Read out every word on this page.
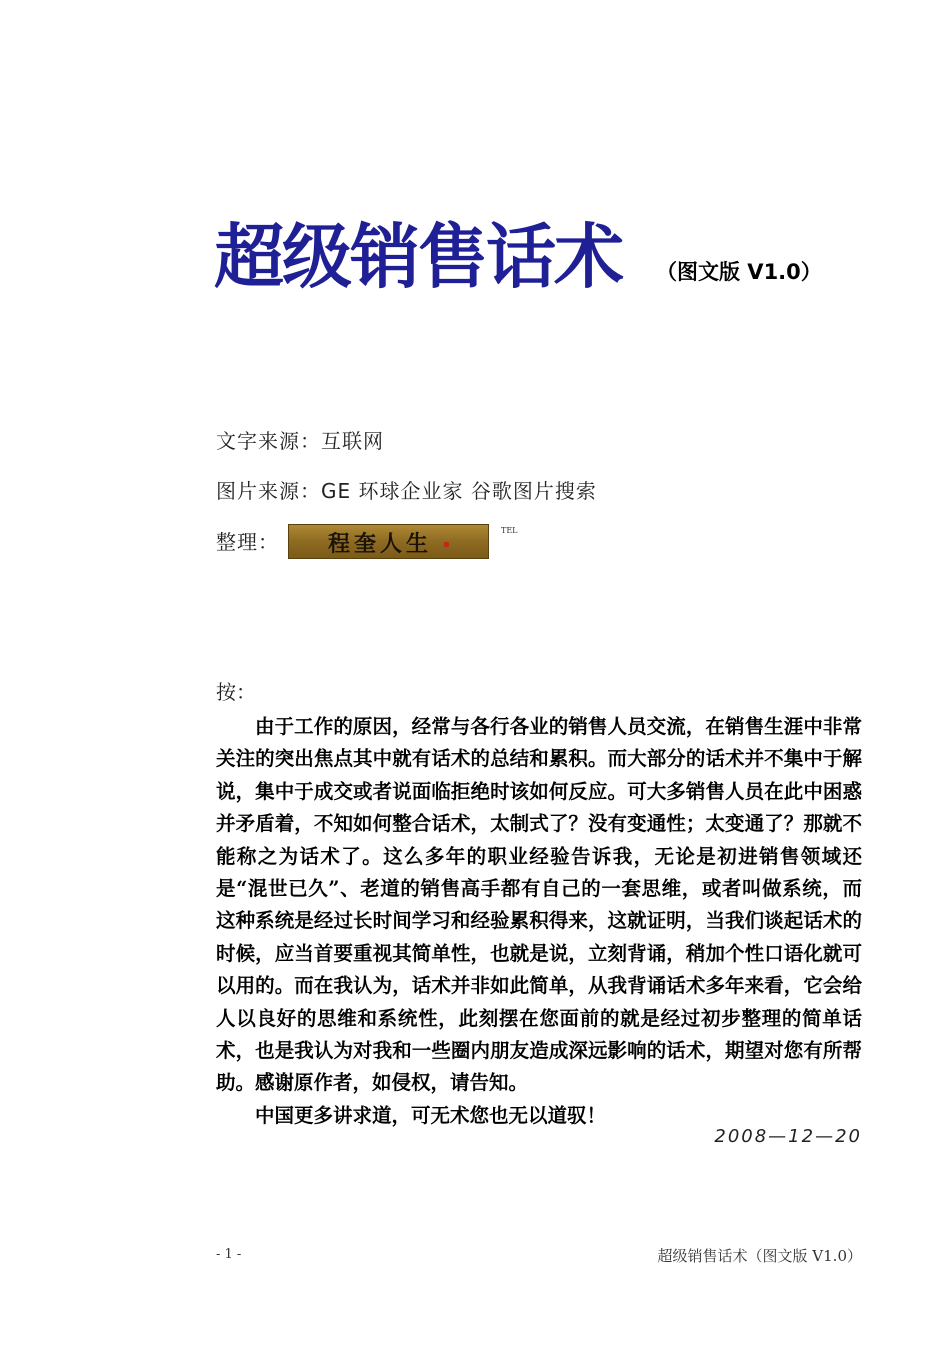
超级销售话术 （图文版 V1.0）
文字来源：互联网
图片来源：GE 环球企业家 谷歌图片搜索
整理： 程奎人生
TEL
按：

由于工作的原因，经常与各行各业的销售人员交流，在销售生涯中非常关注的突出焦点其中就有话术的总结和累积。而大部分的话术并不集中于解说，集中于成交或者说面临拒绝时该如何反应。可大多销售人员在此中困惑并矛盾着，不知如何整合话术，太制式了？没有变通性；太变通了？那就不能称之为话术了。这么多年的职业经验告诉我，无论是初进销售领域还是“混世已久”、老道的销售高手都有自己的一套思维，或者叫做系统，而这种系统是经过长时间学习和经验累积得来，这就证明，当我们谈起话术的时候，应当首要重视其简单性，也就是说，立刻背诵，稍加个性口语化就可以用的。而在我认为，话术并非如此简单，从我背诵话术多年来看，它会给人以良好的思维和系统性，此刻摆在您面前的就是经过初步整理的简单话术，也是我认为对我和一些圈内朋友造成深远影响的话术，期望对您有所帮助。感谢原作者，如侵权，请告知。

中国更多讲求道，可无术您也无以道驭！

2008—12—20
- 1 -	超级销售话术（图文版 V1.0）
